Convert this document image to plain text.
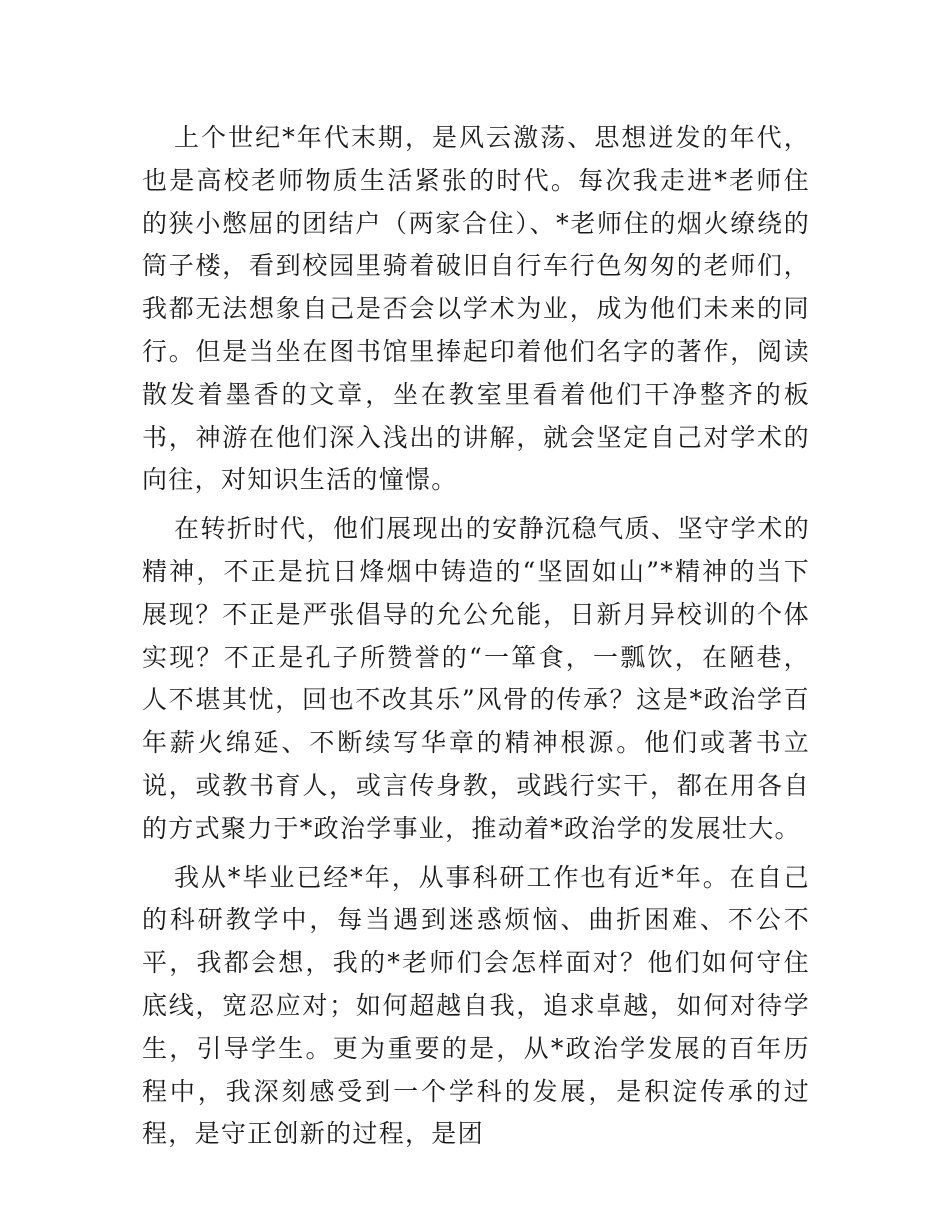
上个世纪*年代末期，是风云激荡、思想迸发的年代，也是高校老师物质生活紧张的时代。每次我走进*老师住的狭小憋屈的团结户（两家合住）、*老师住的烟火缭绕的筒子楼，看到校园里骑着破旧自行车行色匆匆的老师们，我都无法想象自己是否会以学术为业，成为他们未来的同行。但是当坐在图书馆里捧起印着他们名字的著作，阅读散发着墨香的文章，坐在教室里看着他们干净整齐的板书，神游在他们深入浅出的讲解，就会坚定自己对学术的向往，对知识生活的憧憬。

在转折时代，他们展现出的安静沉稳气质、坚守学术的精神，不正是抗日烽烟中铸造的“坚固如山”*精神的当下展现？不正是严张倡导的允公允能，日新月异校训的个体实现？不正是孔子所赞誉的“一箪食，一瓢饮，在陋巷，人不堪其忧，回也不改其乐”风骨的传承？这是*政治学百年薪火绵延、不断续写华章的精神根源。他们或著书立说，或教书育人，或言传身教，或践行实干，都在用各自的方式聚力于*政治学事业，推动着*政治学的发展壮大。

我从*毕业已经*年，从事科研工作也有近*年。在自己的科研教学中，每当遇到迷惑烦恼、曲折困难、不公不平，我都会想，我的*老师们会怎样面对？他们如何守住底线，宽忍应对；如何超越自我，追求卓越，如何对待学生，引导学生。更为重要的是，从*政治学发展的百年历程中，我深刻感受到一个学科的发展，是积淀传承的过程，是守正创新的过程，是团
